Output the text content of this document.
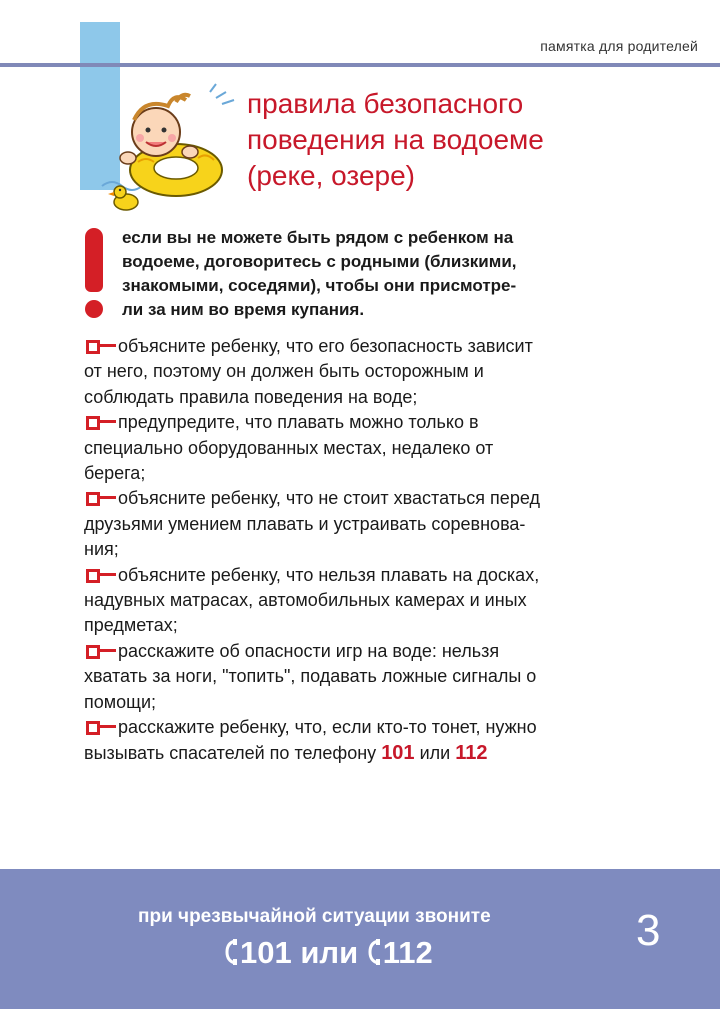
памятка для родителей
правила безопасного
поведения на водоеме
(реке, озере)
если вы не можете быть рядом с ребенком на
водоеме, договоритесь с родными (близкими,
знакомыми, соседями), чтобы они присмотре-
ли за ним во время купания.
объясните ребенку, что его безопасность зависит
от него, поэтому он должен быть осторожным и
соблюдать правила поведения на воде;
предупредите, что плавать можно только в
специально оборудованных местах, недалеко от
берега;
объясните ребенку, что не стоит хвастаться перед
друзьями умением плавать и устраивать соревнова-
ния;
объясните ребенку, что нельзя плавать на досках,
надувных матрасах, автомобильных камерах и иных
предметах;
расскажите об опасности игр на воде: нельзя
хватать за ноги, "топить", подавать ложные сигналы о
помощи;
расскажите ребенку, что, если кто-то тонет, нужно
вызывать спасателей по телефону 101 или 112
при чрезвычайной ситуации звоните
101 или 112	3
